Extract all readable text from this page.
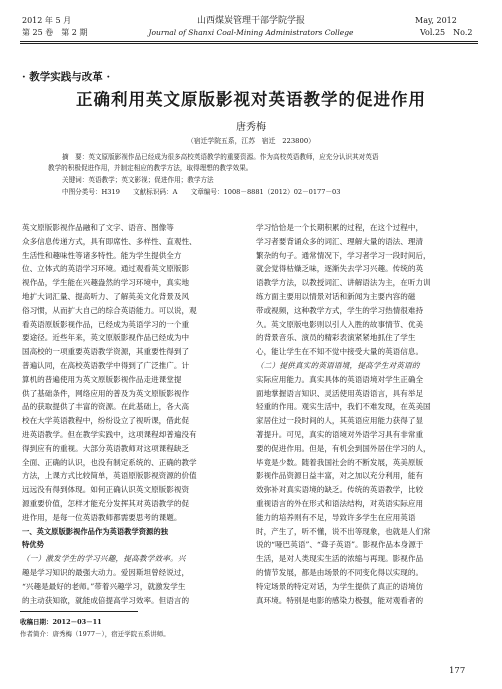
2012 年 5 月
第 25 卷　第 2 期
山西煤炭管理干部学院学报
Journal of Shanxi Coal-Mining Administrators College
May, 2012
Vol.25　No.2
· 教学实践与改革 ·
正确利用英文原版影视对英语教学的促进作用
唐秀梅
（宿迁学院五系，江苏　宿迁　223800）
摘　要：英文原版影视作品已经成为很多高校英语教学的重要资源。作为高校英语教师，应充分认识其对英语
教学的积极促进作用，并制定相应的教学方法，取得理想的教学效果。
关键词：英语教学；英文影视；促进作用；教学方法
中图分类号：H319　　文献标识码：A　　文章编号：1008－8881（2012）02－0177－03
英文原版影视作品融和了文字、语音、图像等
众多信息传递方式，具有即席性、多样性、直观性、
生活性和趣味性等诸多特性。能为学生提供全方
位、立体式的英语学习环境。通过观看英文原版影
视作品，学生能在兴趣盎然的学习环境中，真实地
地扩大词汇量、提高听力、了解英美文化背景及风
俗习惯，从而扩大自己的综合英语能力。可以说，观
看英语原版影视作品，已经成为英语学习的一个重
要途径。近些年来，英文原版影视作品已经成为中
国高校的一项重要英语教学资源，其重要性得到了
普遍认同，在高校英语教学中得到了广泛推广。计
算机的普遍使用为英文原版影视作品走进课堂提
供了基础条件，网络应用的普及为英文原版影视作
品的获取提供了丰富的资源。在此基础上，各大高
校在大学英语教程中，纷纷设立了视听课，借此促
进英语教学。但在教学实践中，这项课程却普遍没有
得到应有的重视。大部分英语教师对这项课程缺乏
全面、正确的认识，也没有制定系统的、正确的教学
方法，上课方式比较简单，英语原版影视资源的价值
远远没有得到体现。如何正确认识英文原版影视资
源重要价值，怎样才能充分发挥其对英语教学的促
进作用，是每一位英语教师都需要思考的课题。
一、英文原版影视作品作为英语教学资源的独
特优势
（一）激发学生的学习兴趣，提高教学效率。兴
趣是学习知识的最强大动力。爱因斯坦曾经说过，
“兴趣是最好的老师。”带着兴趣学习，就激发学生
的主动获知欲，就能成倍提高学习效率。但语言的
学习恰恰是一个长期积累的过程，在这个过程中，
学习者要背诵众多的词汇、理解大量的语法、理清
繁杂的句子。通常情况下，学习者学习一段时间后，
就会觉得枯燥乏味，逐渐失去学习兴趣。传统的英
语教学方法，以教授词汇、讲解语法为主，在听力训
练方面主要用以情景对话和新闻为主要内容的磁
带或视频，这种教学方式，学生的学习热情很难持
久。英文原版电影则以引人入胜的故事情节、优美
的背景音乐、演员的精彩表演紧紧地抓住了学生
心，能让学生在不知不觉中接受大量的英语信息。
（二）提供真实的英语语境，提高学生对英语的
实际应用能力。真实具体的英语语境对学生正确全
面地掌握语言知识、灵活使用英语语言，具有举足
轻重的作用。观实生活中，我们不难发现，在英美国
家居住过一段时间的人，其英语应用能力获得了显
著提升。可见，真实的语境对外语学习具有非常重
要的促进作用。但是，有机会到国外居住学习的人，
毕竟是少数。随着我国社会的不断发展，英美原版
影视作品资源日益丰富，对之加以充分利用，能有
效弥补对真实语境的缺乏。传统的英语教学，比较
重视语言的外在形式和语法结构，对英语实际应用
能力的培养则有不足，导致许多学生在应用英语
时，产生了，听不懂，说不出等现象，也就是人们常
说的“哑巴英语”、“聋子英语”。影视作品本身源于
生活，是对人类现实生活的浓缩与再现。影视作品
的情节发展，都是由场景的不同变化得以实现的。
特定场景的特定对话，为学生提供了真正的语境仿
真环境。特别是电影的感染力极强，能对观看者的
收稿日期：2012－03－11
作者简介：唐秀梅（1977－），宿迁学院五系讲师。
177
